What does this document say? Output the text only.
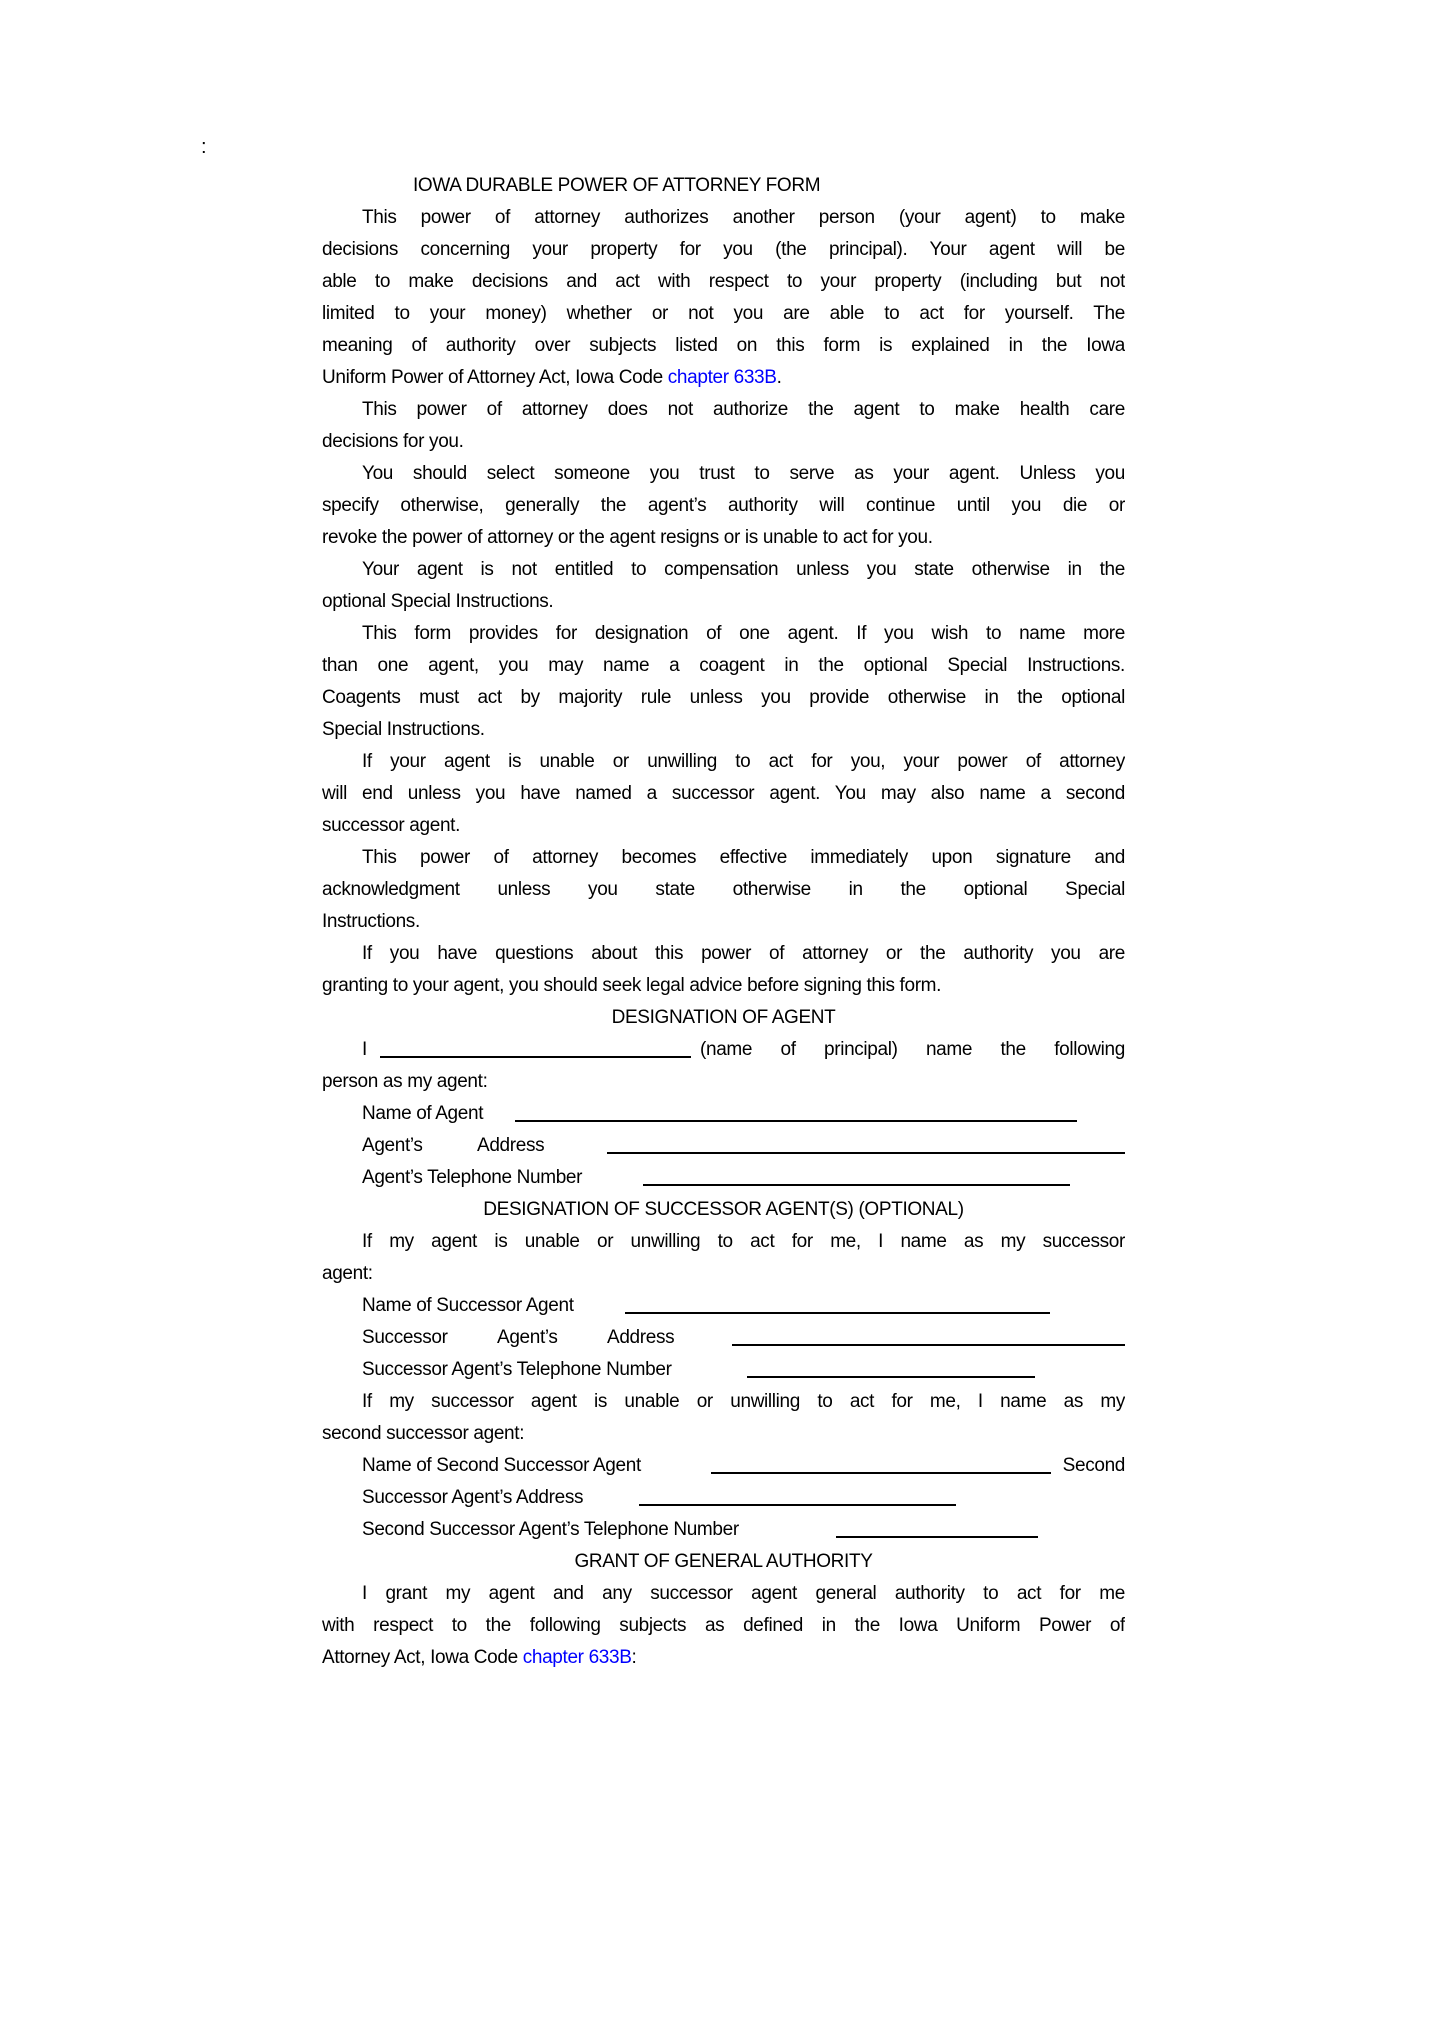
:
IOWA DURABLE POWER OF ATTORNEY FORM
This power of attorney authorizes another person (your agent) to make
decisions concerning your property for you (the principal). Your agent will be
able to make decisions and act with respect to your property (including but not
limited to your money) whether or not you are able to act for yourself. The
meaning of authority over subjects listed on this form is explained in the Iowa
Uniform Power of Attorney Act, Iowa Code chapter 633B.
This power of attorney does not authorize the agent to make health care
decisions for you.
You should select someone you trust to serve as your agent. Unless you
specify otherwise, generally the agent’s authority will continue until you die or
revoke the power of attorney or the agent resigns or is unable to act for you.
Your agent is not entitled to compensation unless you state otherwise in the
optional Special Instructions.
This form provides for designation of one agent. If you wish to name more
than one agent, you may name a coagent in the optional Special Instructions.
Coagents must act by majority rule unless you provide otherwise in the optional
Special Instructions.
If your agent is unable or unwilling to act for you, your power of attorney
will end unless you have named a successor agent. You may also name a second
successor agent.
This power of attorney becomes effective immediately upon signature and
acknowledgment unless you state otherwise in the optional Special
Instructions.
If you have questions about this power of attorney or the authority you are
granting to your agent, you should seek legal advice before signing this form.
DESIGNATION OF AGENT
I	(name of principal) name the following
person as my agent:
Name of Agent
Agent’s	Address
Agent’s Telephone Number
DESIGNATION OF SUCCESSOR AGENT(S) (OPTIONAL)
If my agent is unable or unwilling to act for me, I name as my successor
agent:
Name of Successor Agent
Successor	Agent’s	Address
Successor Agent’s Telephone Number
If my successor agent is unable or unwilling to act for me, I name as my
second successor agent:
Name of Second Successor Agent	Second
Successor Agent’s Address
Second Successor Agent’s Telephone Number
GRANT OF GENERAL AUTHORITY
I grant my agent and any successor agent general authority to act for me
with respect to the following subjects as defined in the Iowa Uniform Power of
Attorney Act, Iowa Code chapter 633B:
